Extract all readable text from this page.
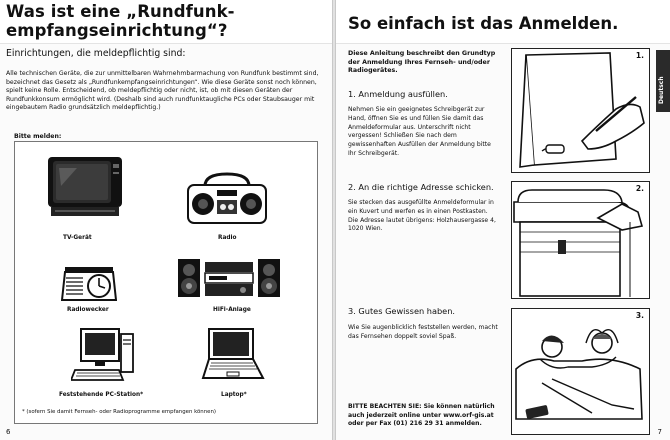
Was ist eine „Rundfunk-empfangseinrichtung“?
Einrichtungen, die meldepflichtig sind:
Alle technischen Geräte, die zur unmittelbaren Wahrnehmbarmachung von Rundfunk bestimmt sind, bezeichnet das Gesetz als „Rundfunkempfangseinrichtungen“. Wie diese Geräte sonst noch können, spielt keine Rolle. Entscheidend, ob meldepflichtig oder nicht, ist, ob mit diesen Geräten der Rundfunkkonsum ermöglicht wird. (Deshalb sind auch rundfunktaugliche PCs oder Staubsauger mit eingebautem Radio grundsätzlich meldepflichtig.)
Bitte melden:
TV-Gerät	Radio
Radiowecker	HiFi-Anlage
Feststehende PC-Station*	Laptop*
* (sofern Sie damit Fernseh- oder Radioprogramme empfangen können)
6
So einfach ist das Anmelden.
Diese Anleitung beschreibt den Grundtyp der Anmeldung Ihres Fernseh- und/oder Radiogerätes.
1. Anmeldung ausfüllen.
Nehmen Sie ein geeignetes Schreibgerät zur Hand, öffnen Sie es und füllen Sie damit das Anmeldeformular aus. Unterschrift nicht vergessen! Schließen Sie nach dem gewissenhaften Ausfüllen der Anmeldung bitte Ihr Schreibgerät.
2. An die richtige Adresse schicken.
Sie stecken das ausgefüllte Anmeldeformular in ein Kuvert und werfen es in einen Postkasten. Die Adresse lautet übrigens: Holzhausergasse 4, 1020 Wien.
3. Gutes Gewissen haben.
Wie Sie augenblicklich feststellen werden, macht das Fernsehen doppelt soviel Spaß.
BITTE BEACHTEN SIE: Sie können natürlich auch jederzeit online unter www.orf-gis.at oder per Fax (01) 216 29 31 anmelden.
1.
2.
3.
Deutsch
7
